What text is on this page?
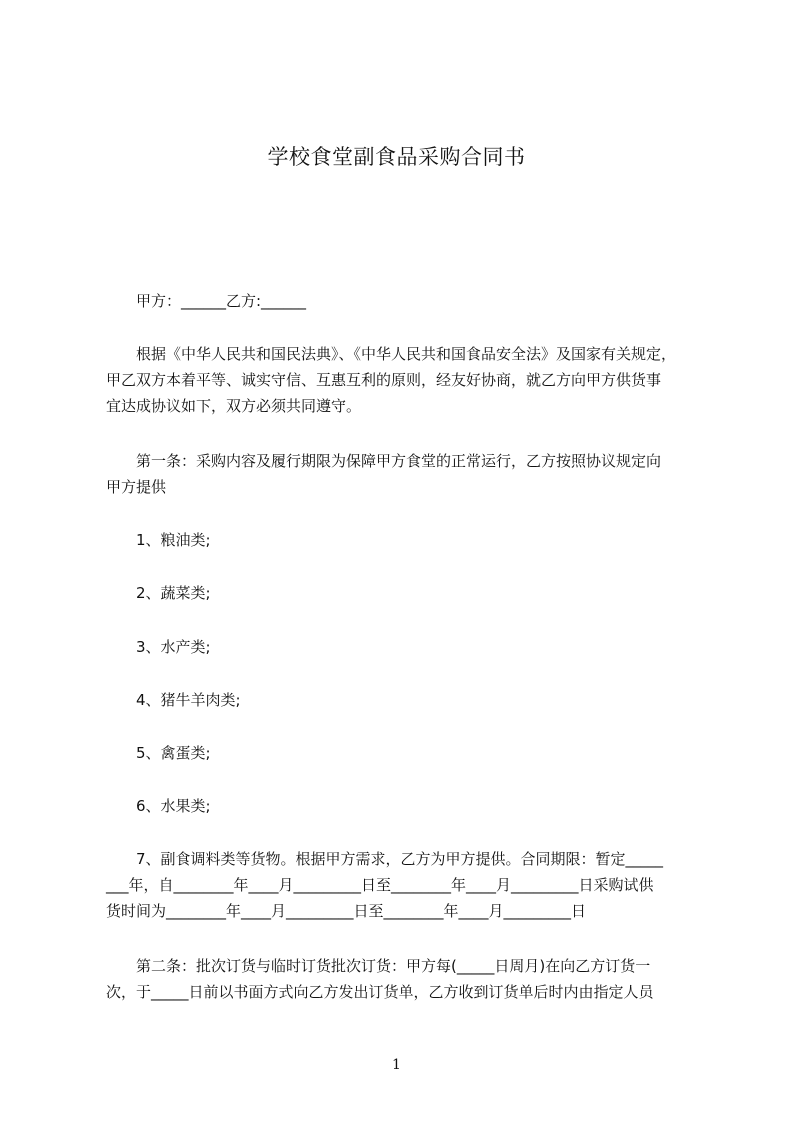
学校食堂副食品采购合同书
甲方：______乙方:______
根据《中华人民共和国民法典》、《中华人民共和国食品安全法》及国家有关规定，
甲乙双方本着平等、诚实守信、互惠互利的原则，经友好协商，就乙方向甲方供货事
宜达成协议如下，双方必须共同遵守。
第一条：采购内容及履行期限为保障甲方食堂的正常运行，乙方按照协议规定向
甲方提供
1、粮油类;
2、蔬菜类;
3、水产类;
4、猪牛羊肉类;
5、禽蛋类;
6、水果类;
7、副食调料类等货物。根据甲方需求，乙方为甲方提供。合同期限：暂定_____
___年，自________年____月_________日至________年____月_________日采购试供
货时间为________年____月_________日至________年____月_________日
第二条：批次订货与临时订货批次订货：甲方每(_____日周月)在向乙方订货一
次，于_____日前以书面方式向乙方发出订货单，乙方收到订货单后时内由指定人员
1
